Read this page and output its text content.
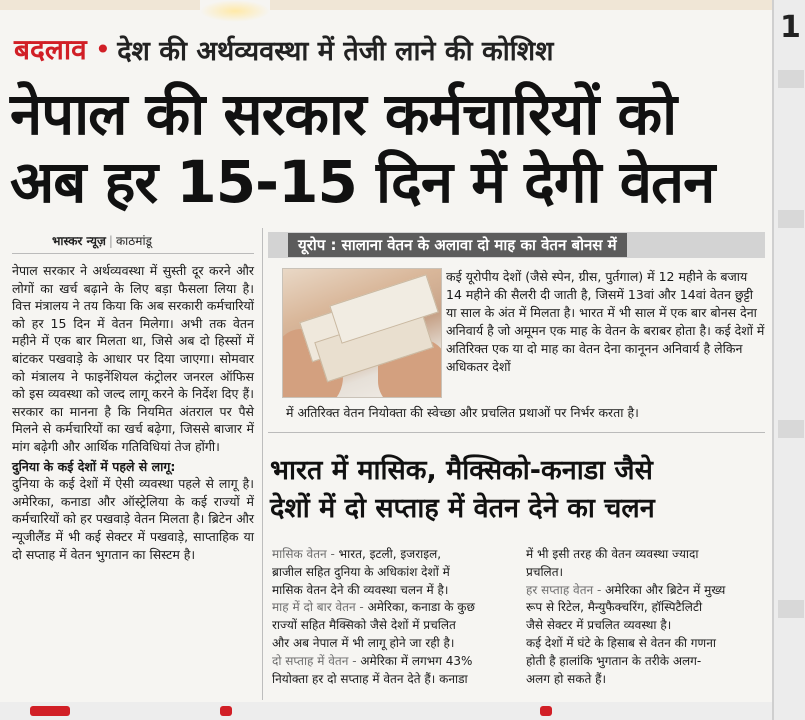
बदलाव • देश की अर्थव्यवस्था में तेजी लाने की कोशिश
नेपाल की सरकार कर्मचारियों को
अब हर 15-15 दिन में देगी वेतन
भास्कर न्यूज़ | काठमांडू

नेपाल सरकार ने अर्थव्यवस्था में सुस्ती दूर करने और लोगों का खर्च बढ़ाने के लिए बड़ा फैसला लिया है। वित्त मंत्रालय ने तय किया कि अब सरकारी कर्मचारियों को हर 15 दिन में वेतन मिलेगा। अभी तक वेतन महीने में एक बार मिलता था, जिसे अब दो हिस्सों में बांटकर पखवाड़े के आधार पर दिया जाएगा। सोमवार को मंत्रालय ने फाइनेंशियल कंट्रोलर जनरल ऑफिस को इस व्यवस्था को जल्द लागू करने के निर्देश दिए हैं। सरकार का मानना है कि नियमित अंतराल पर पैसे मिलने से कर्मचारियों का खर्च बढ़ेगा, जिससे बाजार में मांग बढ़ेगी और आर्थिक गतिविधियां तेज होंगी।

दुनिया के कई देशों में पहले से लागू:

दुनिया के कई देशों में ऐसी व्यवस्था पहले से लागू है। अमेरिका, कनाडा और ऑस्ट्रेलिया के कई राज्यों में कर्मचारियों को हर पखवाड़े वेतन मिलता है। ब्रिटेन और न्यूजीलैंड में भी कई सेक्टर में पखवाड़े, साप्ताहिक या दो सप्ताह में वेतन भुगतान का सिस्टम है।

यूरोप : सालाना वेतन के अलावा दो माह का वेतन बोनस में
कई यूरोपीय देशों (जैसे स्पेन, ग्रीस, पुर्तगाल) में 12 महीने के बजाय 14 महीने की सैलरी दी जाती है, जिसमें 13वां और 14वां वेतन छुट्टी या साल के अंत में मिलता है। भारत में भी साल में एक बार बोनस देना अनिवार्य है जो अमूमन एक माह के वेतन के बराबर होता है। कई देशों में अतिरिक्त एक या दो माह का वेतन देना कानूनन अनिवार्य है लेकिन अधिकतर देशों
में अतिरिक्त वेतन नियोक्ता की स्वेच्छा और प्रचलित प्रथाओं पर निर्भर करता है।
भारत में मासिक, मैक्सिको-कनाडा जैसे
देशों में दो सप्ताह में वेतन देने का चलन
मासिक वेतन - भारत, इटली, इजराइल,
ब्राजील सहित दुनिया के अधिकांश देशों में
मासिक वेतन देने की व्यवस्था चलन में है।
माह में दो बार वेतन - अमेरिका, कनाडा के कुछ
राज्यों सहित मैक्सिको जैसे देशों में प्रचलित
और अब नेपाल में भी लागू होने जा रही है।
दो सप्ताह में वेतन - अमेरिका में लगभग 43%
नियोक्ता हर दो सप्ताह में वेतन देते हैं। कनाडा
में भी इसी तरह की वेतन व्यवस्था ज्यादा
प्रचलित।
हर सप्ताह वेतन - अमेरिका और ब्रिटेन में मुख्य
रूप से रिटेल, मैन्युफैक्चरिंग, हॉस्पिटैलिटी
जैसे सेक्टर में प्रचलित व्यवस्था है।
कई देशों में घंटे के हिसाब से वेतन की गणना
होती है हालांकि भुगतान के तरीके अलग-
अलग हो सकते हैं।
1
